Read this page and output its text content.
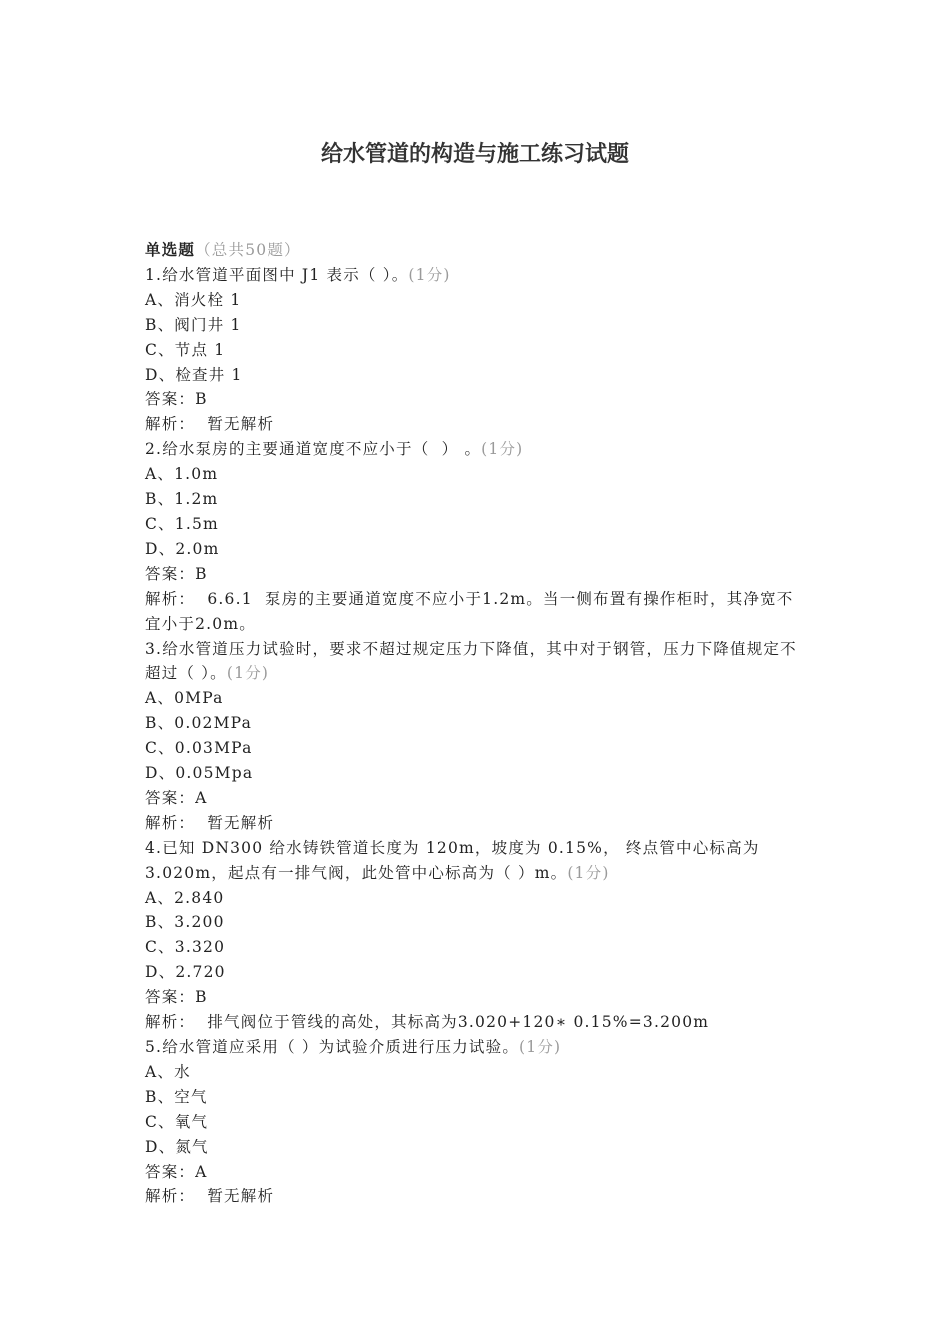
给水管道的构造与施工练习试题

单选题（总共50题）

1.给水管道平面图中 J1 表示（ ）。(1分)

A、消火栓 1

B、阀门井 1

C、节点 1

D、检查井 1

答案：B

解析：  暂无解析

2.给水泵房的主要通道宽度不应小于（  ） 。(1分)

A、1.0m

B、1.2m

C、1.5m

D、2.0m

答案：B

解析：  6.6.1  泵房的主要通道宽度不应小于1.2m。当一侧布置有操作柜时，其净宽不宜小于2.0m。

3.给水管道压力试验时，要求不超过规定压力下降值，其中对于钢管，压力下降值规定不超过（ ）。(1分)

A、0MPa

B、0.02MPa

C、0.03MPa

D、0.05Mpa

答案：A

解析：  暂无解析

4.已知 DN300 给水铸铁管道长度为 120m，坡度为 0.15%， 终点管中心标高为 3.020m，起点有一排气阀，此处管中心标高为（ ）m。(1分)

A、2.840

B、3.200

C、3.320

D、2.720

答案：B

解析：  排气阀位于管线的高处，其标高为3.020+120∗ 0.15%=3.200m

5.给水管道应采用（ ）为试验介质进行压力试验。(1分)

A、水

B、空气

C、氧气

D、氮气

答案：A

解析：  暂无解析
